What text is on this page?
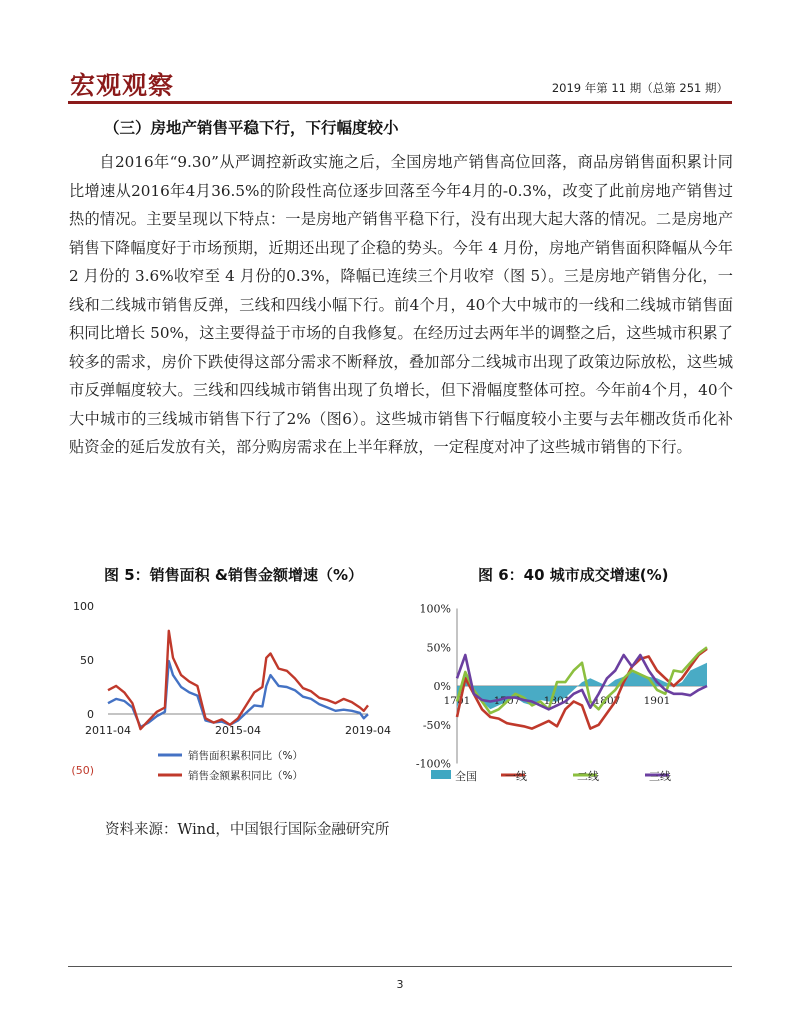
宏观观察	2019 年第 11 期（总第 251 期）
（三）房地产销售平稳下行，下行幅度较小

自2016年“9.30”从严调控新政实施之后，全国房地产销售高位回落，商品房销售面积累计同比增速从2016年4月36.5%的阶段性高位逐步回落至今年4月的-0.3%，改变了此前房地产销售过热的情况。主要呈现以下特点：一是房地产销售平稳下行，没有出现大起大落的情况。二是房地产销售下降幅度好于市场预期，近期还出现了企稳的势头。今年 4 月份，房地产销售面积降幅从今年 2 月份的 3.6%收窄至 4 月份的0.3%，降幅已连续三个月收窄（图 5）。三是房地产销售分化，一线和二线城市销售反弹，三线和四线小幅下行。前4个月，40个大中城市的一线和二线城市销售面积同比增长 50%，这主要得益于市场的自我修复。在经历过去两年半的调整之后，这些城市积累了较多的需求，房价下跌使得这部分需求不断释放，叠加部分二线城市出现了政策边际放松，这些城市反弹幅度较大。三线和四线城市销售出现了负增长，但下滑幅度整体可控。今年前4个月，40个大中城市的三线城市销售下行了2%（图6）。这些城市销售下行幅度较小主要与去年棚改货币化补贴资金的延后发放有关，部分购房需求在上半年释放，一定程度对冲了这些城市销售的下行。

图 5：销售面积 &销售金额增速（%）	图 6：40 城市成交增速(%)
100
50
0
(50)
2011-04	2015-04	2019-04
销售面积累积同比（%）
销售金额累积同比（%）
100%
50%
0%
-50%
-100%
1701 1707 1801 1807 1901
全国	一线	二线	三线
资料来源：Wind，中国银行国际金融研究所
3
